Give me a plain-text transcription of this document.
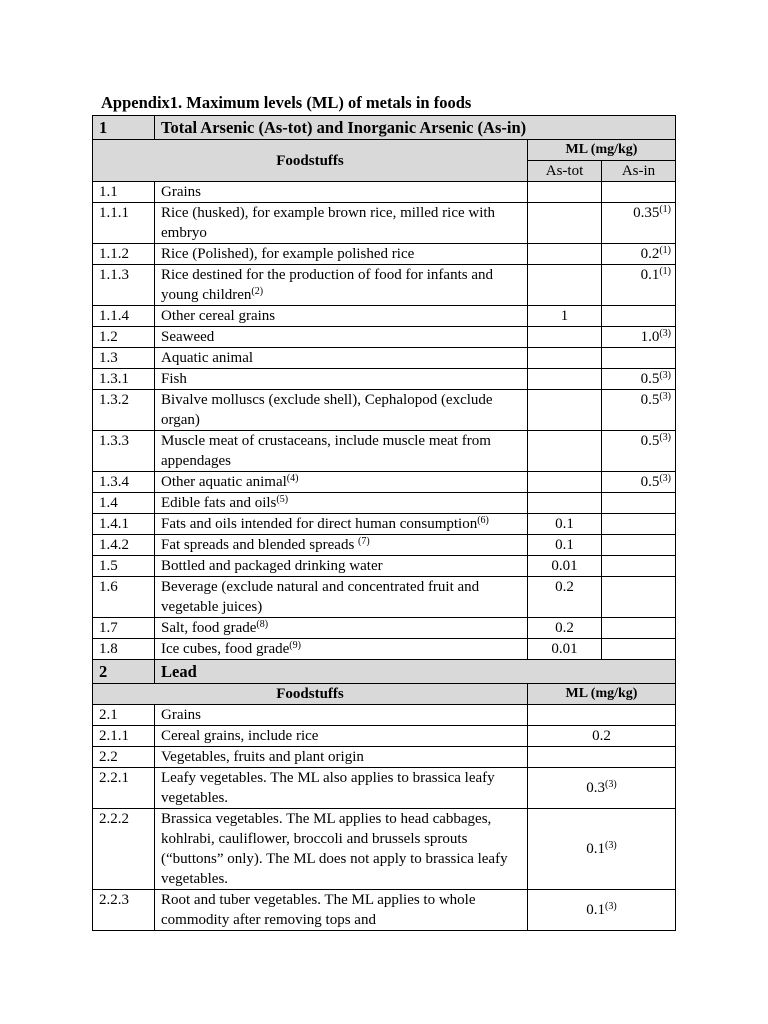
Appendix1. Maximum levels (ML) of metals in foods
1	Total Arsenic (As-tot) and Inorganic Arsenic (As-in)		
Foodstuffs		ML (mg/kg)	
		As-tot	As-in
1.1	Grains		
1.1.1	Rice (husked), for example brown rice, milled rice with embryo		0.35$^{(1)}$
1.1.2	Rice (Polished), for example polished rice		0.2$^{(1)}$
1.1.3	Rice destined for the production of food for infants and young children$^{(2)}$		0.1$^{(1)}$
1.1.4	Other cereal grains	1	
1.2	Seaweed		1.0$^{(3)}$
1.3	Aquatic animal		
1.3.1	Fish		0.5$^{(3)}$
1.3.2	Bivalve molluscs (exclude shell), Cephalopod (exclude organ)		0.5$^{(3)}$
1.3.3	Muscle meat of crustaceans, include muscle meat from appendages		0.5$^{(3)}$
1.3.4	Other aquatic animal$^{(4)}$		0.5$^{(3)}$
1.4	Edible fats and oils$^{(5)}$		
1.4.1	Fats and oils intended for direct human consumption$^{(6)}$	0.1	
1.4.2	Fat spreads and blended spreads $^{(7)}$	0.1	
1.5	Bottled and packaged drinking water	0.01	
1.6	Beverage (exclude natural and concentrated fruit and vegetable juices)	0.2	
1.7	Salt, food grade$^{(8)}$	0.2	
1.8	Ice cubes, food grade$^{(9)}$	0.01	
2	Lead		
Foodstuffs		ML (mg/kg)	
2.1	Grains		
2.1.1	Cereal grains, include rice	0.2	
2.2	Vegetables, fruits and plant origin		
2.2.1	Leafy vegetables. The ML also applies to brassica leafy vegetables.	0.3$^{(3)}$
2.2.2	Brassica vegetables. The ML applies to head cabbages, kohlrabi, cauliflower, broccoli and brussels sprouts (“buttons” only). The ML does not apply to brassica leafy vegetables.	0.1$^{(3)}$
2.2.3	Root and tuber vegetables. The ML applies to whole commodity after removing tops and	0.1$^{(3)}$
